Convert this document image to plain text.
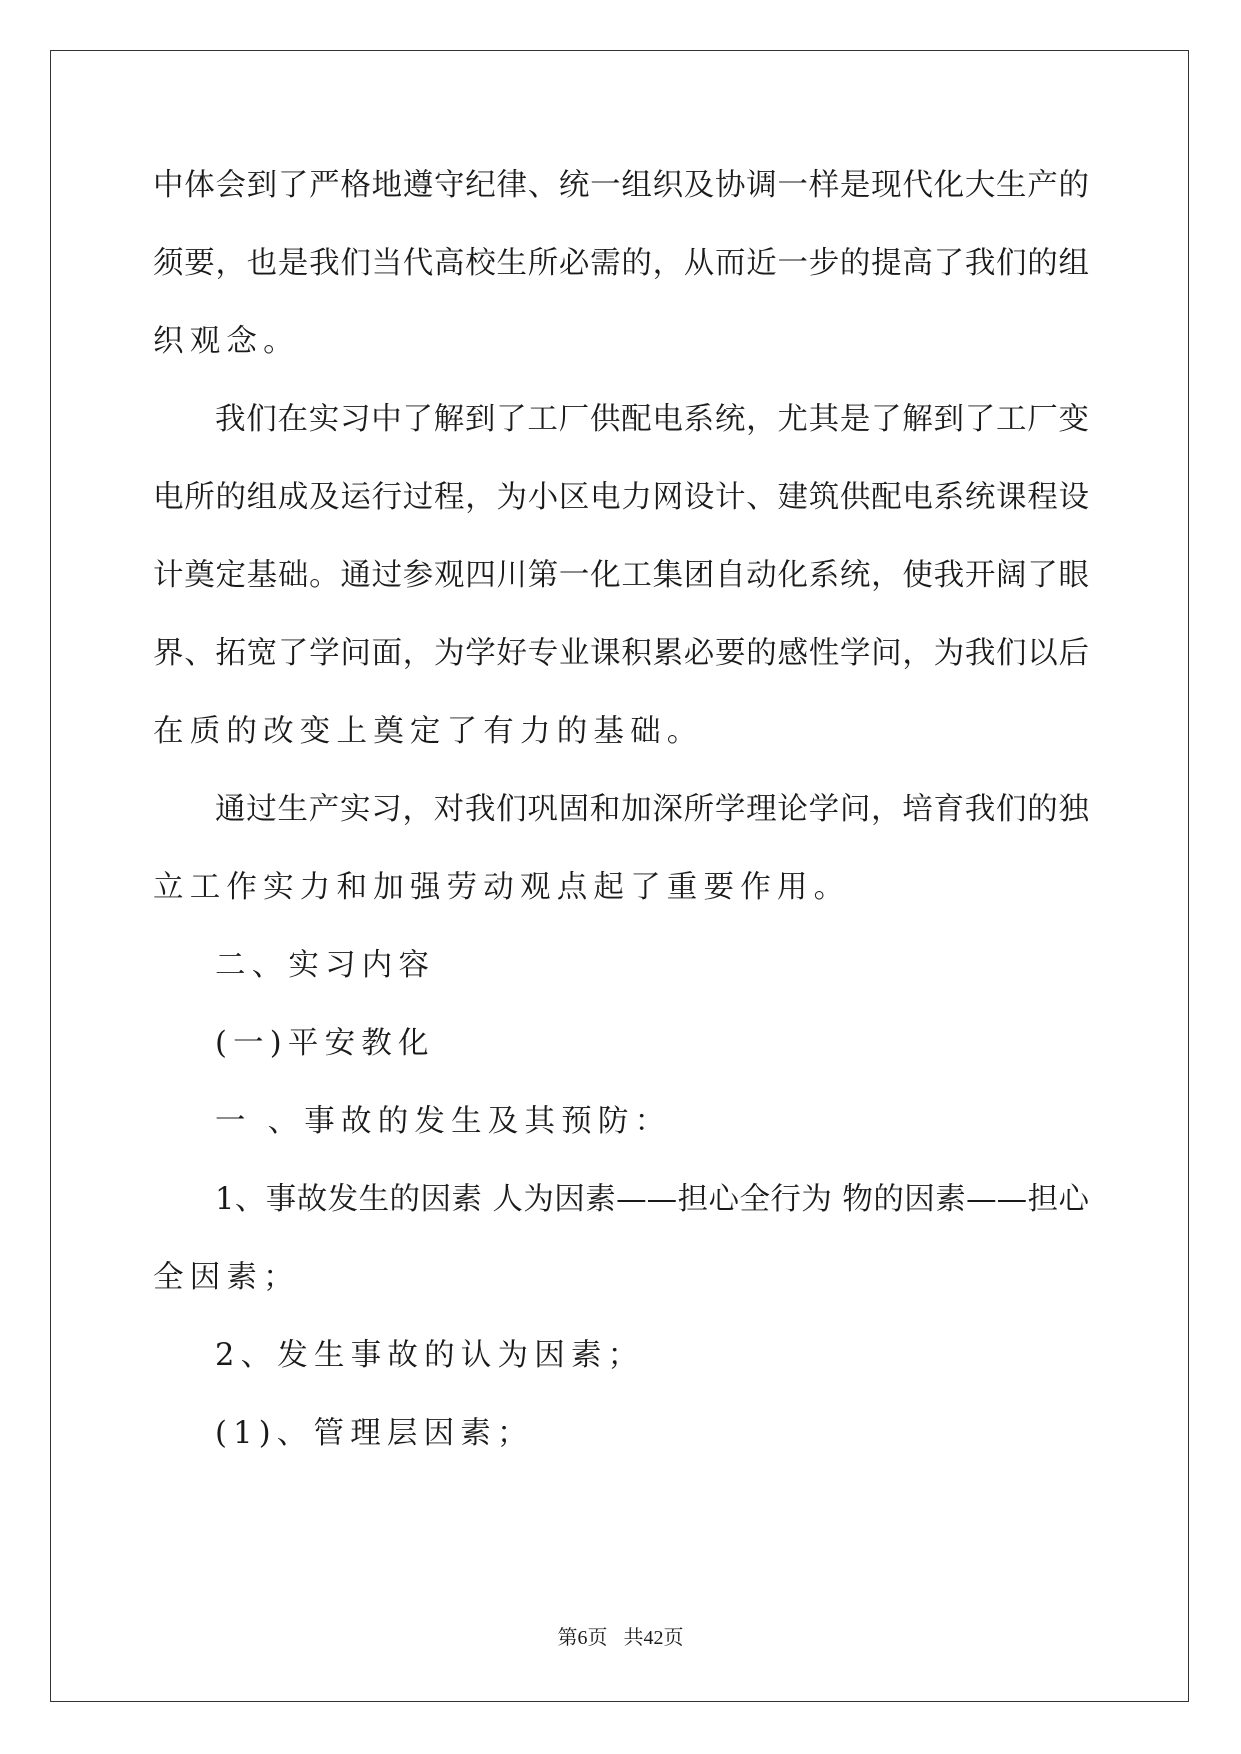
中体会到了严格地遵守纪律、统一组织及协调一样是现代化大生产的
须要，也是我们当代高校生所必需的，从而近一步的提高了我们的组
织观念。
我们在实习中了解到了工厂供配电系统，尤其是了解到了工厂变
电所的组成及运行过程，为小区电力网设计、建筑供配电系统课程设
计奠定基础。通过参观四川第一化工集团自动化系统，使我开阔了眼
界、拓宽了学问面，为学好专业课积累必要的感性学问，为我们以后
在质的改变上奠定了有力的基础。
通过生产实习，对我们巩固和加深所学理论学问，培育我们的独
立工作实力和加强劳动观点起了重要作用。
二、实习内容
(一)平安教化
一 、事故的发生及其预防：
1、事故发生的因素 人为因素——担心全行为 物的因素——担心
全因素；
2、发生事故的认为因素；
(1)、管理层因素；
第6页 共42页
